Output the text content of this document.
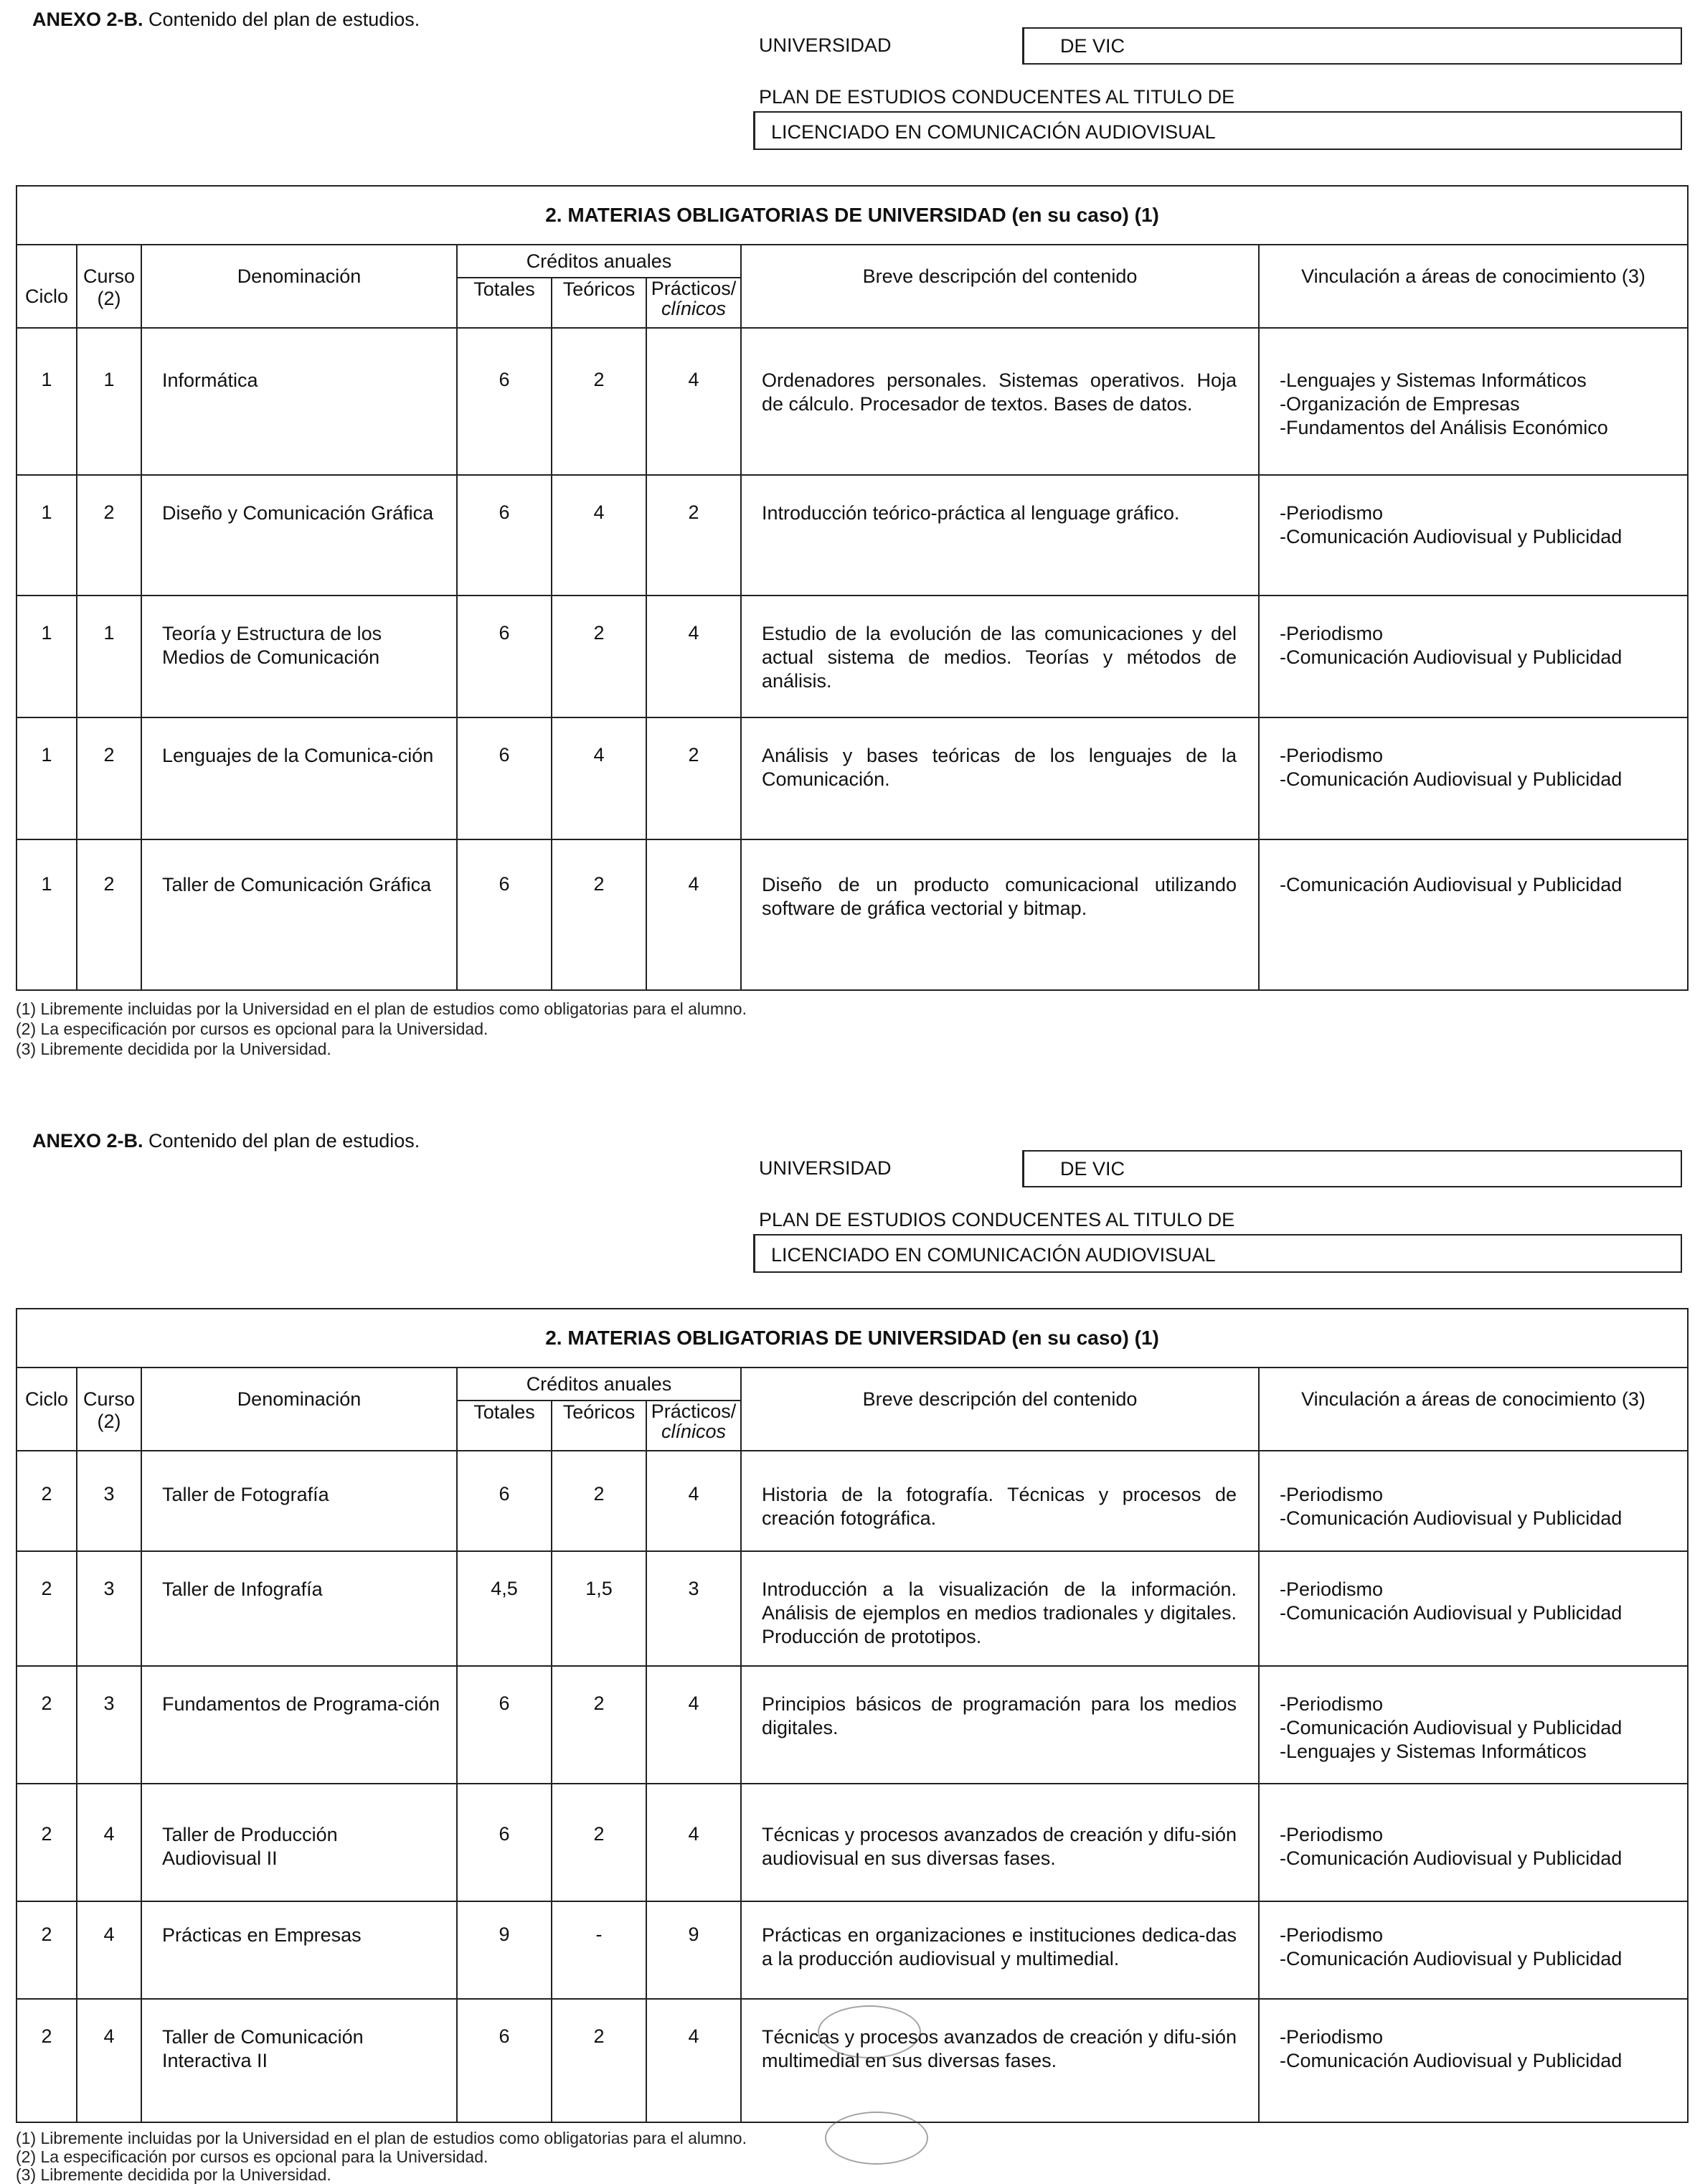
ANEXO 2-B. Contenido del plan de estudios.
UNIVERSIDAD	DE VIC
PLAN DE ESTUDIOS CONDUCENTES AL TITULO DE
LICENCIADO EN COMUNICACIÓN AUDIOVISUAL
2. MATERIAS OBLIGATORIAS DE UNIVERSIDAD (en su caso) (1)							
Ciclo	Curso
(2)	Denominación	Créditos anuales			Breve descripción del contenido	Vinculación a áreas de conocimiento (3)
			Totales	Teóricos	Prácticos/
clínicos		
1	1	Informática	6	2	4	Ordenadores personales. Sistemas operativos. Hoja de cálculo. Procesador de textos. Bases de datos.	-Lenguajes y Sistemas Informáticos
-Organización de Empresas
-Fundamentos del Análisis Económico

1	2	Diseño y Comunicación Gráfica	6	4	2	Introducción teórico-práctica al lenguage gráfico.	-Periodismo
-Comunicación Audiovisual y Publicidad

1	1	Teoría y Estructura de los Medios de Comunicación	6	2	4	Estudio de la evolución de las comunicaciones y del actual sistema de medios. Teorías y métodos de análisis.	-Periodismo
-Comunicación Audiovisual y Publicidad

1	2	Lenguajes de la Comunica-ción	6	4	2	Análisis y bases teóricas de los lenguajes de la Comunicación.	-Periodismo
-Comunicación Audiovisual y Publicidad

1	2	Taller de Comunicación Gráfica	6	2	4	Diseño de un producto comunicacional utilizando software de gráfica vectorial y bitmap.	-Comunicación Audiovisual y Publicidad
(1) Libremente incluidas por la Universidad en el plan de estudios como obligatorias para el alumno.
(2) La especificación por cursos es opcional para la Universidad.
(3) Libremente decidida por la Universidad.
ANEXO 2-B. Contenido del plan de estudios.
UNIVERSIDAD	DE VIC
PLAN DE ESTUDIOS CONDUCENTES AL TITULO DE
LICENCIADO EN COMUNICACIÓN AUDIOVISUAL
2. MATERIAS OBLIGATORIAS DE UNIVERSIDAD (en su caso) (1)							
Ciclo	Curso
(2)	Denominación	Créditos anuales			Breve descripción del contenido	Vinculación a áreas de conocimiento (3)
			Totales	Teóricos	Prácticos/
clínicos		
2	3	Taller de Fotografía	6	2	4	Historia de la fotografía. Técnicas y procesos de creación fotográfica.	-Periodismo
-Comunicación Audiovisual y Publicidad

2	3	Taller de Infografía	4,5	1,5	3	Introducción a la visualización de la información. Análisis de ejemplos en medios tradionales y digitales. Producción de prototipos.	-Periodismo
-Comunicación Audiovisual y Publicidad

2	3	Fundamentos de Programa-ción	6	2	4	Principios básicos de programación para los medios digitales.	-Periodismo
-Comunicación Audiovisual y Publicidad
-Lenguajes y Sistemas Informáticos

2	4	Taller de Producción Audiovisual II	6	2	4	Técnicas y procesos avanzados de creación y difu-sión audiovisual en sus diversas fases.	-Periodismo
-Comunicación Audiovisual y Publicidad

2	4	Prácticas en Empresas	9	-	9	Prácticas en organizaciones e instituciones dedica-das a la producción audiovisual y multimedial.	-Periodismo
-Comunicación Audiovisual y Publicidad

2	4	Taller de Comunicación Interactiva II	6	2	4	Técnicas y procesos avanzados de creación y difu-sión multimedial en sus diversas fases.	-Periodismo
-Comunicación Audiovisual y Publicidad
(1) Libremente incluidas por la Universidad en el plan de estudios como obligatorias para el alumno.
(2) La especificación por cursos es opcional para la Universidad.
(3) Libremente decidida por la Universidad.
